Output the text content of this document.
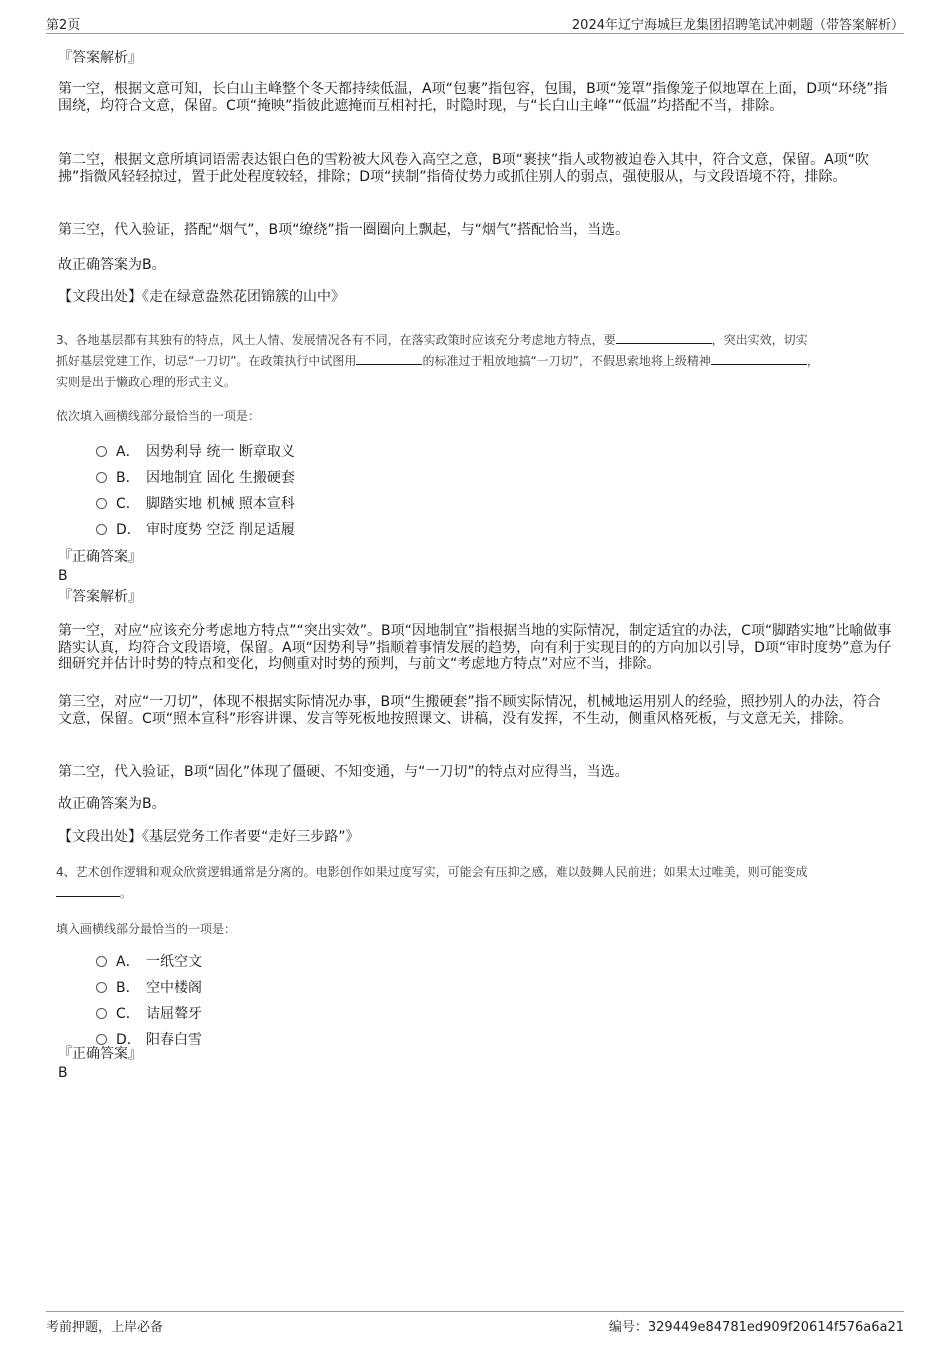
第2页	2024年辽宁海城巨龙集团招聘笔试冲刺题（带答案解析）
『答案解析』
第一空，根据文意可知，长白山主峰整个冬天都持续低温，A项“包裹”指包容，包围，B项“笼罩”指像笼子似地罩在上面，D项“环绕”指围绕，均符合文意，保留。C项“掩映”指彼此遮掩而互相衬托，时隐时现，与“长白山主峰”“低温”均搭配不当，排除。
第二空，根据文意所填词语需表达银白色的雪粉被大风卷入高空之意，B项“裹挟”指人或物被迫卷入其中，符合文意，保留。A项“吹拂”指微风轻轻掠过，置于此处程度较轻，排除；D项“挟制”指倚仗势力或抓住别人的弱点，强使服从，与文段语境不符，排除。
第三空，代入验证，搭配“烟气”，B项“缭绕”指一圈圈向上飘起，与“烟气”搭配恰当，当选。
故正确答案为B。
【文段出处】《走在绿意盎然花团锦簇的山中》
3、各地基层都有其独有的特点，风土人情、发展情况各有不同，在落实政策时应该充分考虑地方特点，要	，突出实效，切实
抓好基层党建工作，切忌“一刀切”。在政策执行中试图用	的标准过于粗放地搞“一刀切”，不假思索地将上级精神	，
实则是出于懒政心理的形式主义。
依次填入画横线部分最恰当的一项是：
A． 因势利导 统一 断章取义
B． 因地制宜 固化 生搬硬套
C． 脚踏实地 机械 照本宣科
D． 审时度势 空泛 削足适履
『正确答案』
B
『答案解析』
第一空，对应“应该充分考虑地方特点”“突出实效”。B项“因地制宜”指根据当地的实际情况，制定适宜的办法，C项“脚踏实地”比喻做事踏实认真，均符合文段语境，保留。A项“因势利导”指顺着事情发展的趋势，向有利于实现目的的方向加以引导，D项“审时度势”意为仔细研究并估计时势的特点和变化，均侧重对时势的预判，与前文“考虑地方特点”对应不当，排除。
第三空，对应“一刀切”，体现不根据实际情况办事，B项“生搬硬套”指不顾实际情况，机械地运用别人的经验，照抄别人的办法，符合文意，保留。C项“照本宣科”形容讲课、发言等死板地按照课文、讲稿，没有发挥，不生动，侧重风格死板，与文意无关，排除。
第二空，代入验证，B项“固化”体现了僵硬、不知变通，与“一刀切”的特点对应得当，当选。
故正确答案为B。
【文段出处】《基层党务工作者要“走好三步路”》
4、艺术创作逻辑和观众欣赏逻辑通常是分离的。电影创作如果过度写实，可能会有压抑之感，难以鼓舞人民前进；如果太过唯美，则可能变成
。
填入画横线部分最恰当的一项是：
A． 一纸空文
B． 空中楼阁
C． 诘屈聱牙
D． 阳春白雪
『正确答案』
B
考前押题，上岸必备	编号：329449e84781ed909f20614f576a6a21
